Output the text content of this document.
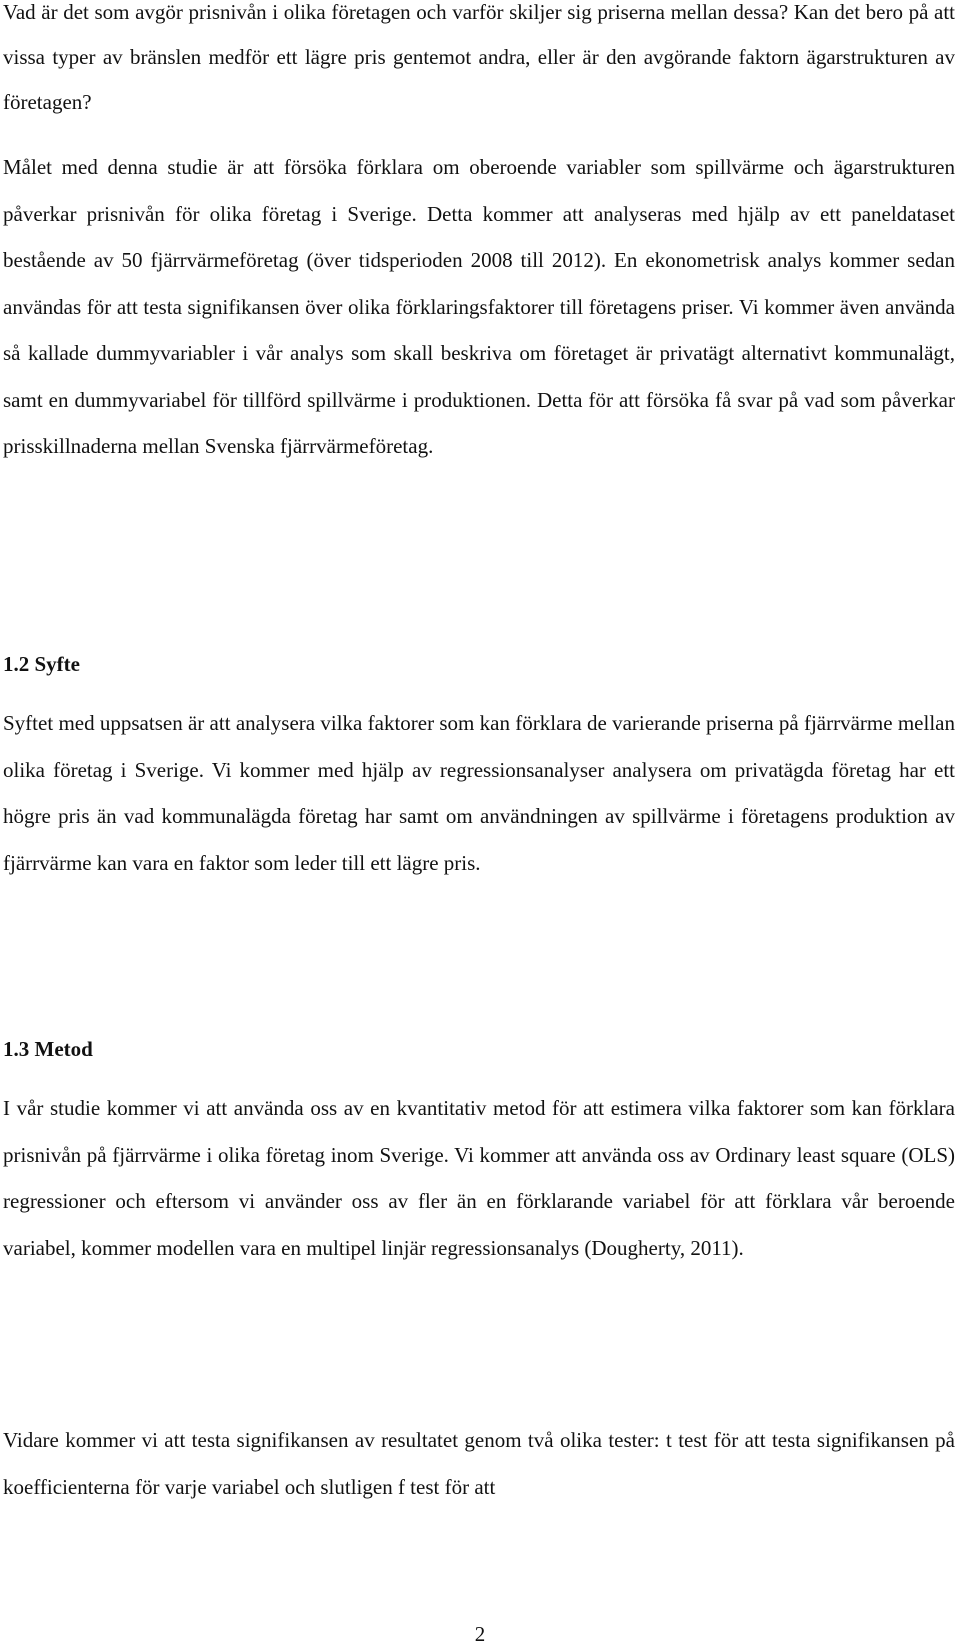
Vad är det som avgör prisnivån i olika företagen och varför skiljer sig priserna mellan dessa? Kan det bero på att vissa typer av bränslen medför ett lägre pris gentemot andra, eller är den avgörande faktorn ägarstrukturen av företagen?

Målet med denna studie är att försöka förklara om oberoende variabler som spillvärme och ägarstrukturen påverkar prisnivån för olika företag i Sverige. Detta kommer att analyseras med hjälp av ett paneldataset bestående av 50 fjärrvärmeföretag (över tidsperioden 2008 till 2012). En ekonometrisk analys kommer sedan användas för att testa signifikansen över olika förklaringsfaktorer till företagens priser. Vi kommer även använda så kallade dummyvariabler i vår analys som skall beskriva om företaget är privatägt alternativt kommunalägt, samt en dummyvariabel för tillförd spillvärme i produktionen. Detta för att försöka få svar på vad som påverkar prisskillnaderna mellan Svenska fjärrvärmeföretag.

1.2 Syfte

Syftet med uppsatsen är att analysera vilka faktorer som kan förklara de varierande priserna på fjärrvärme mellan olika företag i Sverige. Vi kommer med hjälp av regressionsanalyser analysera om privatägda företag har ett högre pris än vad kommunalägda företag har samt om användningen av spillvärme i företagens produktion av fjärrvärme kan vara en faktor som leder till ett lägre pris.

1.3 Metod

I vår studie kommer vi att använda oss av en kvantitativ metod för att estimera vilka faktorer som kan förklara prisnivån på fjärrvärme i olika företag inom Sverige. Vi kommer att använda oss av Ordinary least square (OLS) regressioner och eftersom vi använder oss av fler än en förklarande variabel för att förklara vår beroende variabel, kommer modellen vara en multipel linjär regressionsanalys (Dougherty, 2011).

Vidare kommer vi att testa signifikansen av resultatet genom två olika tester: t test för att testa signifikansen på koefficienterna för varje variabel och slutligen f test för att

2
